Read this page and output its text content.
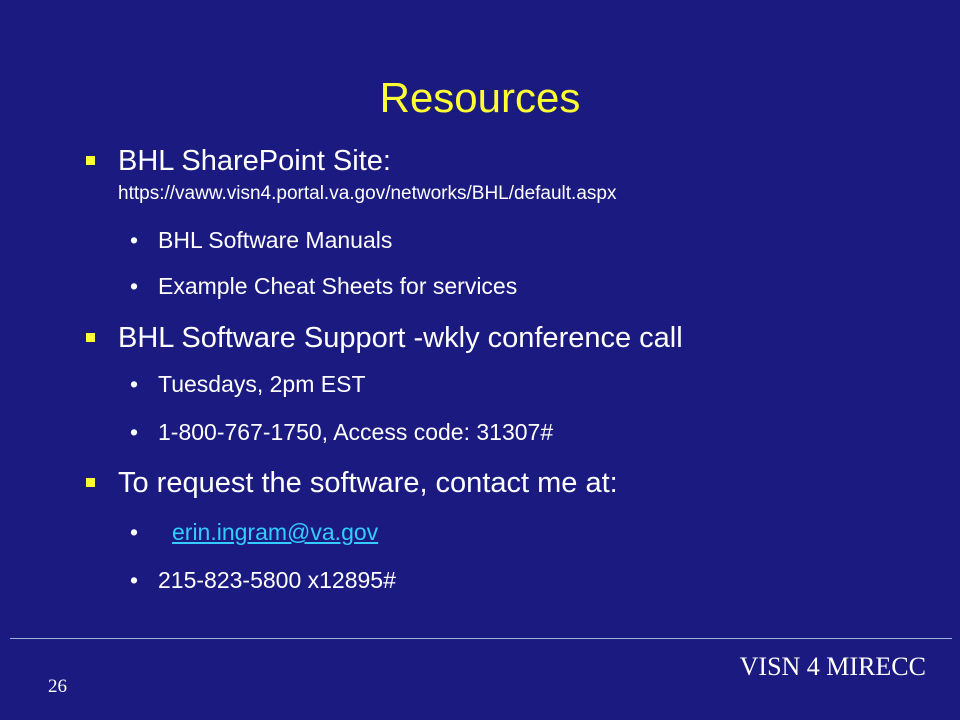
Resources
BHL SharePoint Site:
https://vaww.visn4.portal.va.gov/networks/BHL/default.aspx
• BHL Software Manuals
• Example Cheat Sheets for services
BHL Software Support -wkly conference call
• Tuesdays, 2pm EST
• 1-800-767-1750, Access code: 31307#
To request the software, contact me at:
• erin.ingram@va.gov
• 215-823-5800 x12895#
26
VISN 4 MIRECC
